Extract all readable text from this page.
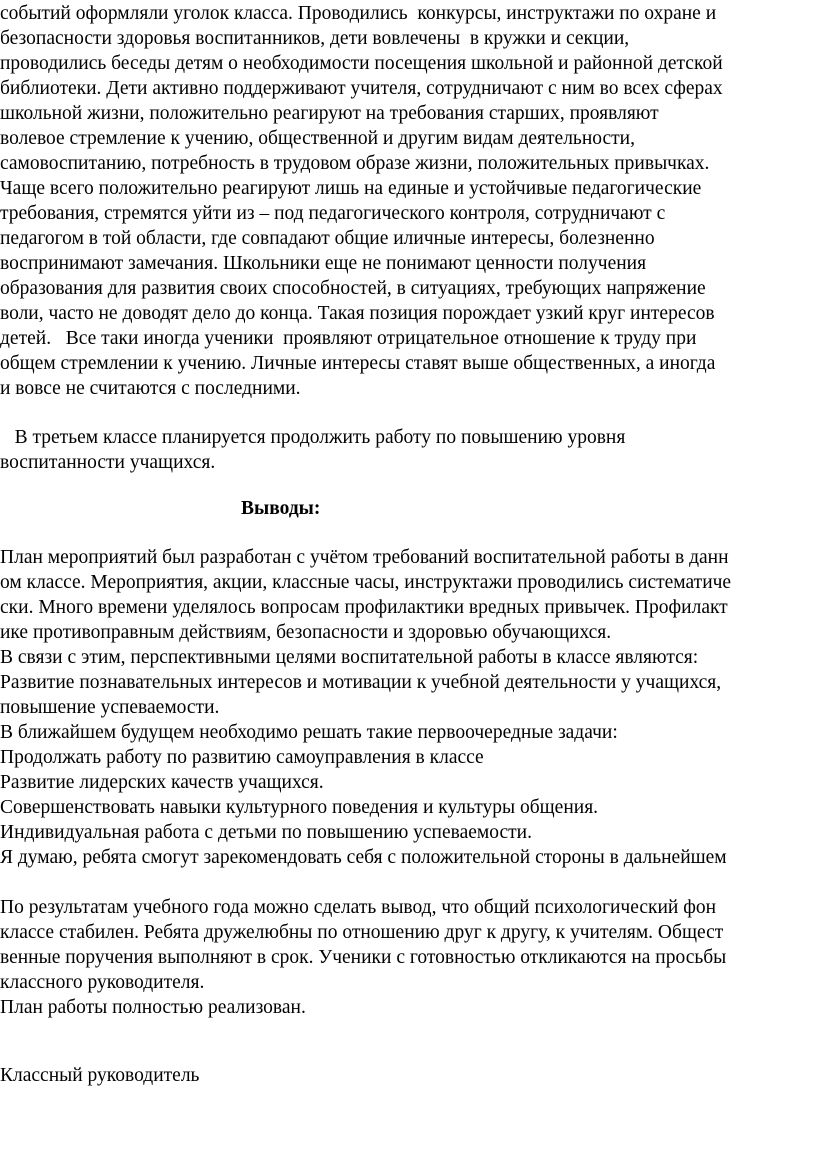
событий оформляли уголок класса. Проводились  конкурсы, инструктажи по охране и
безопасности здоровья воспитанников, дети вовлечены  в кружки и секции,
проводились беседы детям о необходимости посещения школьной и районной детской
библиотеки. Дети активно поддерживают учителя, сотрудничают с ним во всех сферах
школьной жизни, положительно реагируют на требования старших, проявляют
волевое стремление к учению, общественной и другим видам деятельности,
самовоспитанию, потребность в трудовом образе жизни, положительных привычках.
Чаще всего положительно реагируют лишь на единые и устойчивые педагогические
требования, стремятся уйти из – под педагогического контроля, сотрудничают с
педагогом в той области, где совпадают общие иличные интересы, болезненно
воспринимают замечания. Школьники еще не понимают ценности получения
образования для развития своих способностей, в ситуациях, требующих напряжение
воли, часто не доводят дело до конца. Такая позиция порождает узкий круг интересов
детей.   Все таки иногда ученики  проявляют отрицательное отношение к труду при
общем стремлении к учению. Личные интересы ставят выше общественных, а иногда
и вовсе не считаются с последними.
В третьем классе планируется продолжить работу по повышению уровня
воспитанности учащихся.
Выводы:
План мероприятий был разработан с учётом требований воспитательной работы в данн
ом классе. Мероприятия, акции, классные часы, инструктажи проводились систематиче
ски. Много времени уделялось вопросам профилактики вредных привычек. Профилакт
ике противоправным действиям, безопасности и здоровью обучающихся.
В связи с этим, перспективными целями воспитательной работы в классе являются:
Развитие познавательных интересов и мотивации к учебной деятельности у учащихся,
повышение успеваемости.
В ближайшем будущем необходимо решать такие первоочередные задачи:
Продолжать работу по развитию самоуправления в классе
Развитие лидерских качеств учащихся.
Совершенствовать навыки культурного поведения и культуры общения.
Индивидуальная работа с детьми по повышению успеваемости.
Я думаю, ребята смогут зарекомендовать себя с положительной стороны в дальнейшем
По результатам учебного года можно сделать вывод, что общий психологический фон
классе стабилен. Ребята дружелюбны по отношению друг к другу, к учителям. Общест
венные поручения выполняют в срок. Ученики с готовностью откликаются на просьбы
классного руководителя.
План работы полностью реализован.
Классный руководитель
